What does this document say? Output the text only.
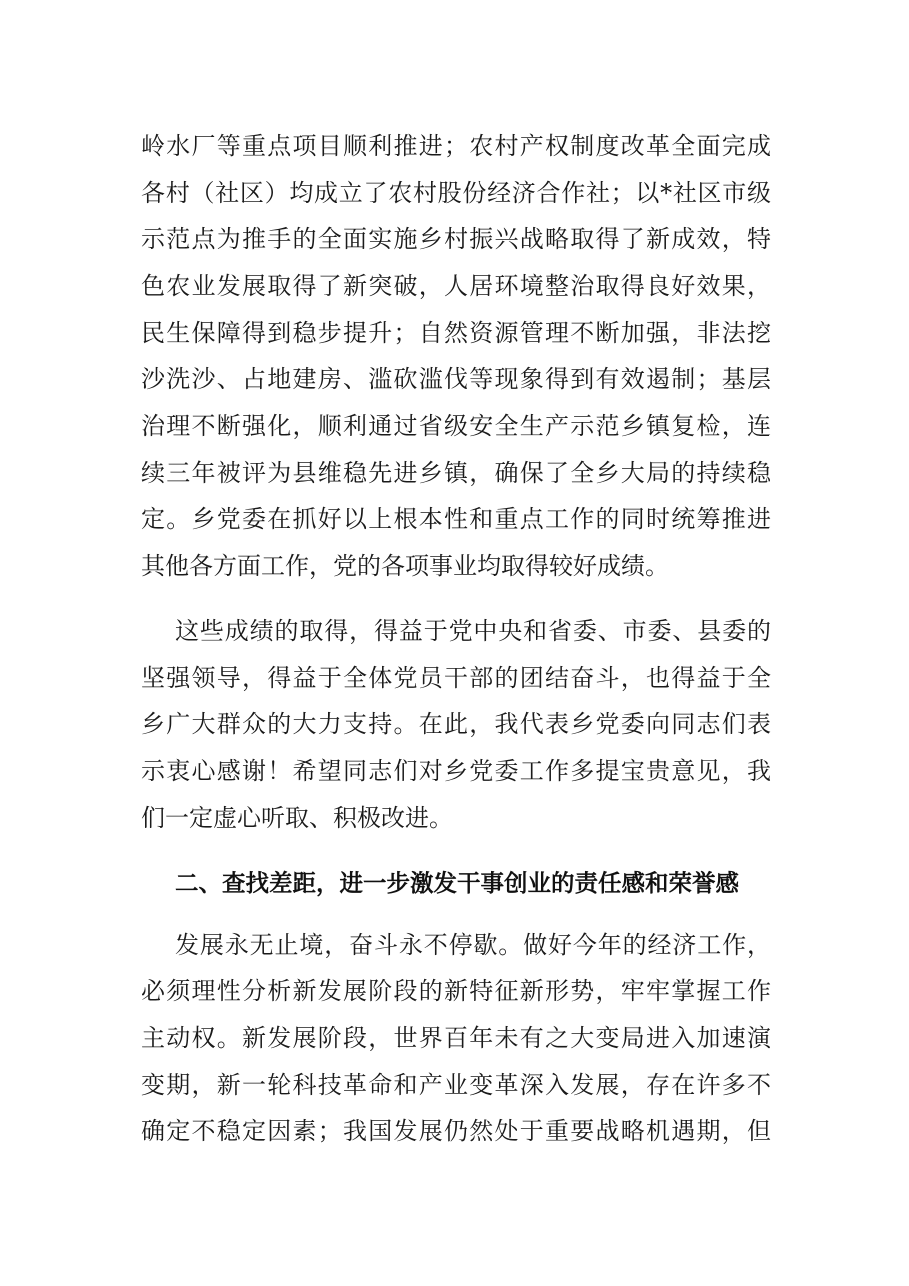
岭水厂等重点项目顺利推进；农村产权制度改革全面完成
各村（社区）均成立了农村股份经济合作社；以*社区市级
示范点为推手的全面实施乡村振兴战略取得了新成效，特
色农业发展取得了新突破，人居环境整治取得良好效果，
民生保障得到稳步提升；自然资源管理不断加强，非法挖
沙洗沙、占地建房、滥砍滥伐等现象得到有效遏制；基层
治理不断强化，顺利通过省级安全生产示范乡镇复检，连
续三年被评为县维稳先进乡镇，确保了全乡大局的持续稳
定。乡党委在抓好以上根本性和重点工作的同时统筹推进
其他各方面工作，党的各项事业均取得较好成绩。
这些成绩的取得，得益于党中央和省委、市委、县委的
坚强领导，得益于全体党员干部的团结奋斗，也得益于全
乡广大群众的大力支持。在此，我代表乡党委向同志们表
示衷心感谢！希望同志们对乡党委工作多提宝贵意见，我
们一定虚心听取、积极改进。
二、查找差距，进一步激发干事创业的责任感和荣誉感
发展永无止境，奋斗永不停歇。做好今年的经济工作，
必须理性分析新发展阶段的新特征新形势，牢牢掌握工作
主动权。新发展阶段，世界百年未有之大变局进入加速演
变期，新一轮科技革命和产业变革深入发展，存在许多不
确定不稳定因素；我国发展仍然处于重要战略机遇期，但
